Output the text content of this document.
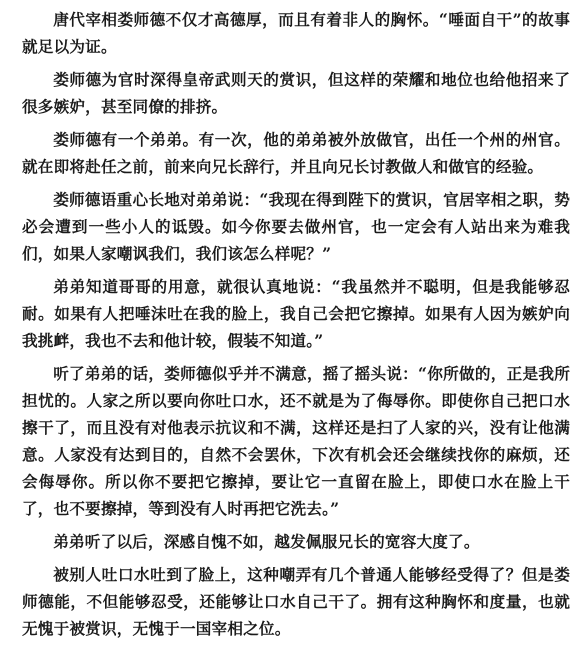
唐代宰相娄师德不仅才高德厚，而且有着非人的胸怀。“唾面自干”的故事就足以为证。

娄师德为官时深得皇帝武则天的赏识，但这样的荣耀和地位也给他招来了很多嫉妒，甚至同僚的排挤。

娄师德有一个弟弟。有一次，他的弟弟被外放做官，出任一个州的州官。就在即将赴任之前，前来向兄长辞行，并且向兄长讨教做人和做官的经验。

娄师德语重心长地对弟弟说：“我现在得到陛下的赏识，官居宰相之职，势必会遭到一些小人的诋毁。如今你要去做州官，也一定会有人站出来为难我们，如果人家嘲讽我们，我们该怎么样呢？”

弟弟知道哥哥的用意，就很认真地说：“我虽然并不聪明，但是我能够忍耐。如果有人把唾沫吐在我的脸上，我自己会把它擦掉。如果有人因为嫉妒向我挑衅，我也不去和他计较，假装不知道。”

听了弟弟的话，娄师德似乎并不满意，摇了摇头说：“你所做的，正是我所担忧的。人家之所以要向你吐口水，还不就是为了侮辱你。即使你自己把口水擦干了，而且没有对他表示抗议和不满，这样还是扫了人家的兴，没有让他满意。人家没有达到目的，自然不会罢休，下次有机会还会继续找你的麻烦，还会侮辱你。所以你不要把它擦掉，要让它一直留在脸上，即使口水在脸上干了，也不要擦掉，等到没有人时再把它洗去。”

弟弟听了以后，深感自愧不如，越发佩服兄长的宽容大度了。

被别人吐口水吐到了脸上，这种嘲弄有几个普通人能够经受得了？但是娄师德能，不但能够忍受，还能够让口水自己干了。拥有这种胸怀和度量，也就无愧于被赏识，无愧于一国宰相之位。
